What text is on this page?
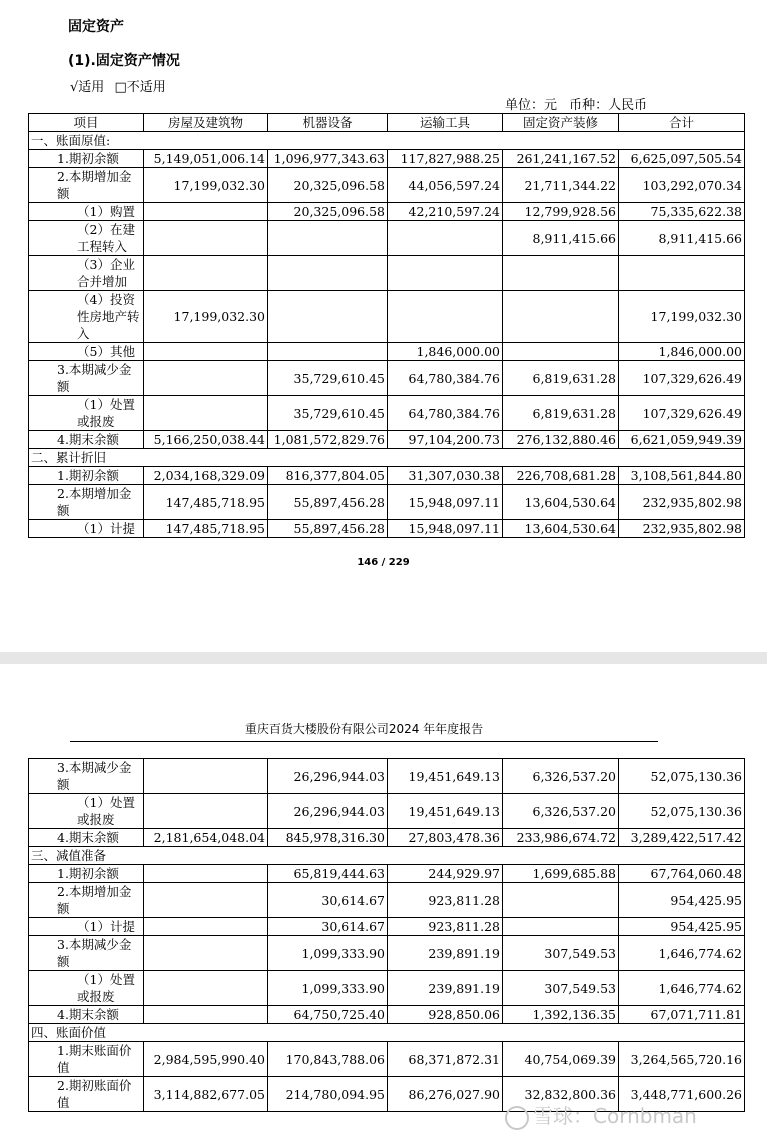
固定资产
(1).固定资产情况
√适用 □不适用
单位：元 币种：人民币
项目	房屋及建筑物	机器设备	运输工具	固定资产装修	合计
一、账面原值:					
1.期初余额	5,149,051,006.14	1,096,977,343.63	117,827,988.25	261,241,167.52	6,625,097,505.54
2.本期增加金额	17,199,032.30	20,325,096.58	44,056,597.24	21,711,344.22	103,292,070.34
（1）购置		20,325,096.58	42,210,597.24	12,799,928.56	75,335,622.38
（2）在建工程转入				8,911,415.66	8,911,415.66
（3）企业合并增加					
（4）投资性房地产转入	17,199,032.30				17,199,032.30
（5）其他			1,846,000.00		1,846,000.00
3.本期减少金额		35,729,610.45	64,780,384.76	6,819,631.28	107,329,626.49
（1）处置或报废		35,729,610.45	64,780,384.76	6,819,631.28	107,329,626.49
4.期末余额	5,166,250,038.44	1,081,572,829.76	97,104,200.73	276,132,880.46	6,621,059,949.39
二、累计折旧					
1.期初余额	2,034,168,329.09	816,377,804.05	31,307,030.38	226,708,681.28	3,108,561,844.80
2.本期增加金额	147,485,718.95	55,897,456.28	15,948,097.11	13,604,530.64	232,935,802.98
（1）计提	147,485,718.95	55,897,456.28	15,948,097.11	13,604,530.64	232,935,802.98
146 / 229
重庆百货大楼股份有限公司2024 年年度报告
3.本期减少金额		26,296,944.03	19,451,649.13	6,326,537.20	52,075,130.36
（1）处置或报废		26,296,944.03	19,451,649.13	6,326,537.20	52,075,130.36
4.期末余额	2,181,654,048.04	845,978,316.30	27,803,478.36	233,986,674.72	3,289,422,517.42
三、减值准备					
1.期初余额		65,819,444.63	244,929.97	1,699,685.88	67,764,060.48
2.本期增加金额		30,614.67	923,811.28		954,425.95
（1）计提		30,614.67	923,811.28		954,425.95
3.本期减少金额		1,099,333.90	239,891.19	307,549.53	1,646,774.62
（1）处置或报废		1,099,333.90	239,891.19	307,549.53	1,646,774.62
4.期末余额		64,750,725.40	928,850.06	1,392,136.35	67,071,711.81
四、账面价值					
1.期末账面价值	2,984,595,990.40	170,843,788.06	68,371,872.31	40,754,069.39	3,264,565,720.16
2.期初账面价值	3,114,882,677.05	214,780,094.95	86,276,027.90	32,832,800.36	3,448,771,600.26
雪球：Cornbman
